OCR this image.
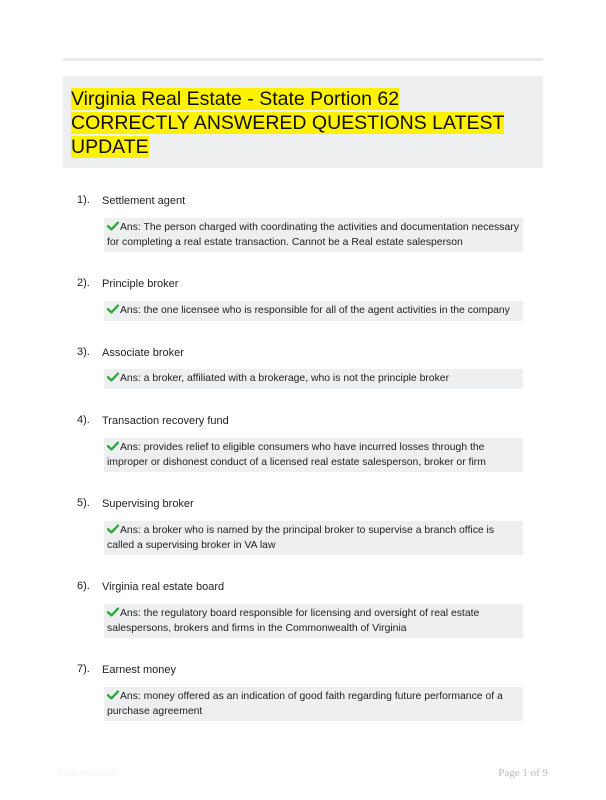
Virginia Real Estate - State Portion 62 CORRECTLY ANSWERED QUESTIONS LATEST UPDATE
1). Settlement agent
Ans: The person charged with coordinating the activities and documentation necessary for completing a real estate transaction. Cannot be a Real estate salesperson
2). Principle broker
Ans: the one licensee who is responsible for all of the agent activities in the company
3). Associate broker
Ans: a broker, affiliated with a brokerage, who is not the principle broker
4). Transaction recovery fund
Ans: provides relief to eligible consumers who have incurred losses through the improper or dishonest conduct of a licensed real estate salesperson, broker or firm
5). Supervising broker
Ans: a broker who is named by the principal broker to supervise a branch office is called a supervising broker in VA law
6). Virginia real estate board
Ans: the regulatory board responsible for licensing and oversight of real estate salespersons, brokers and firms in the Commonwealth of Virginia
7). Earnest money
Ans: money offered as an indication of good faith regarding future performance of a purchase agreement
Paperbliic.com	Page 1 of 9
